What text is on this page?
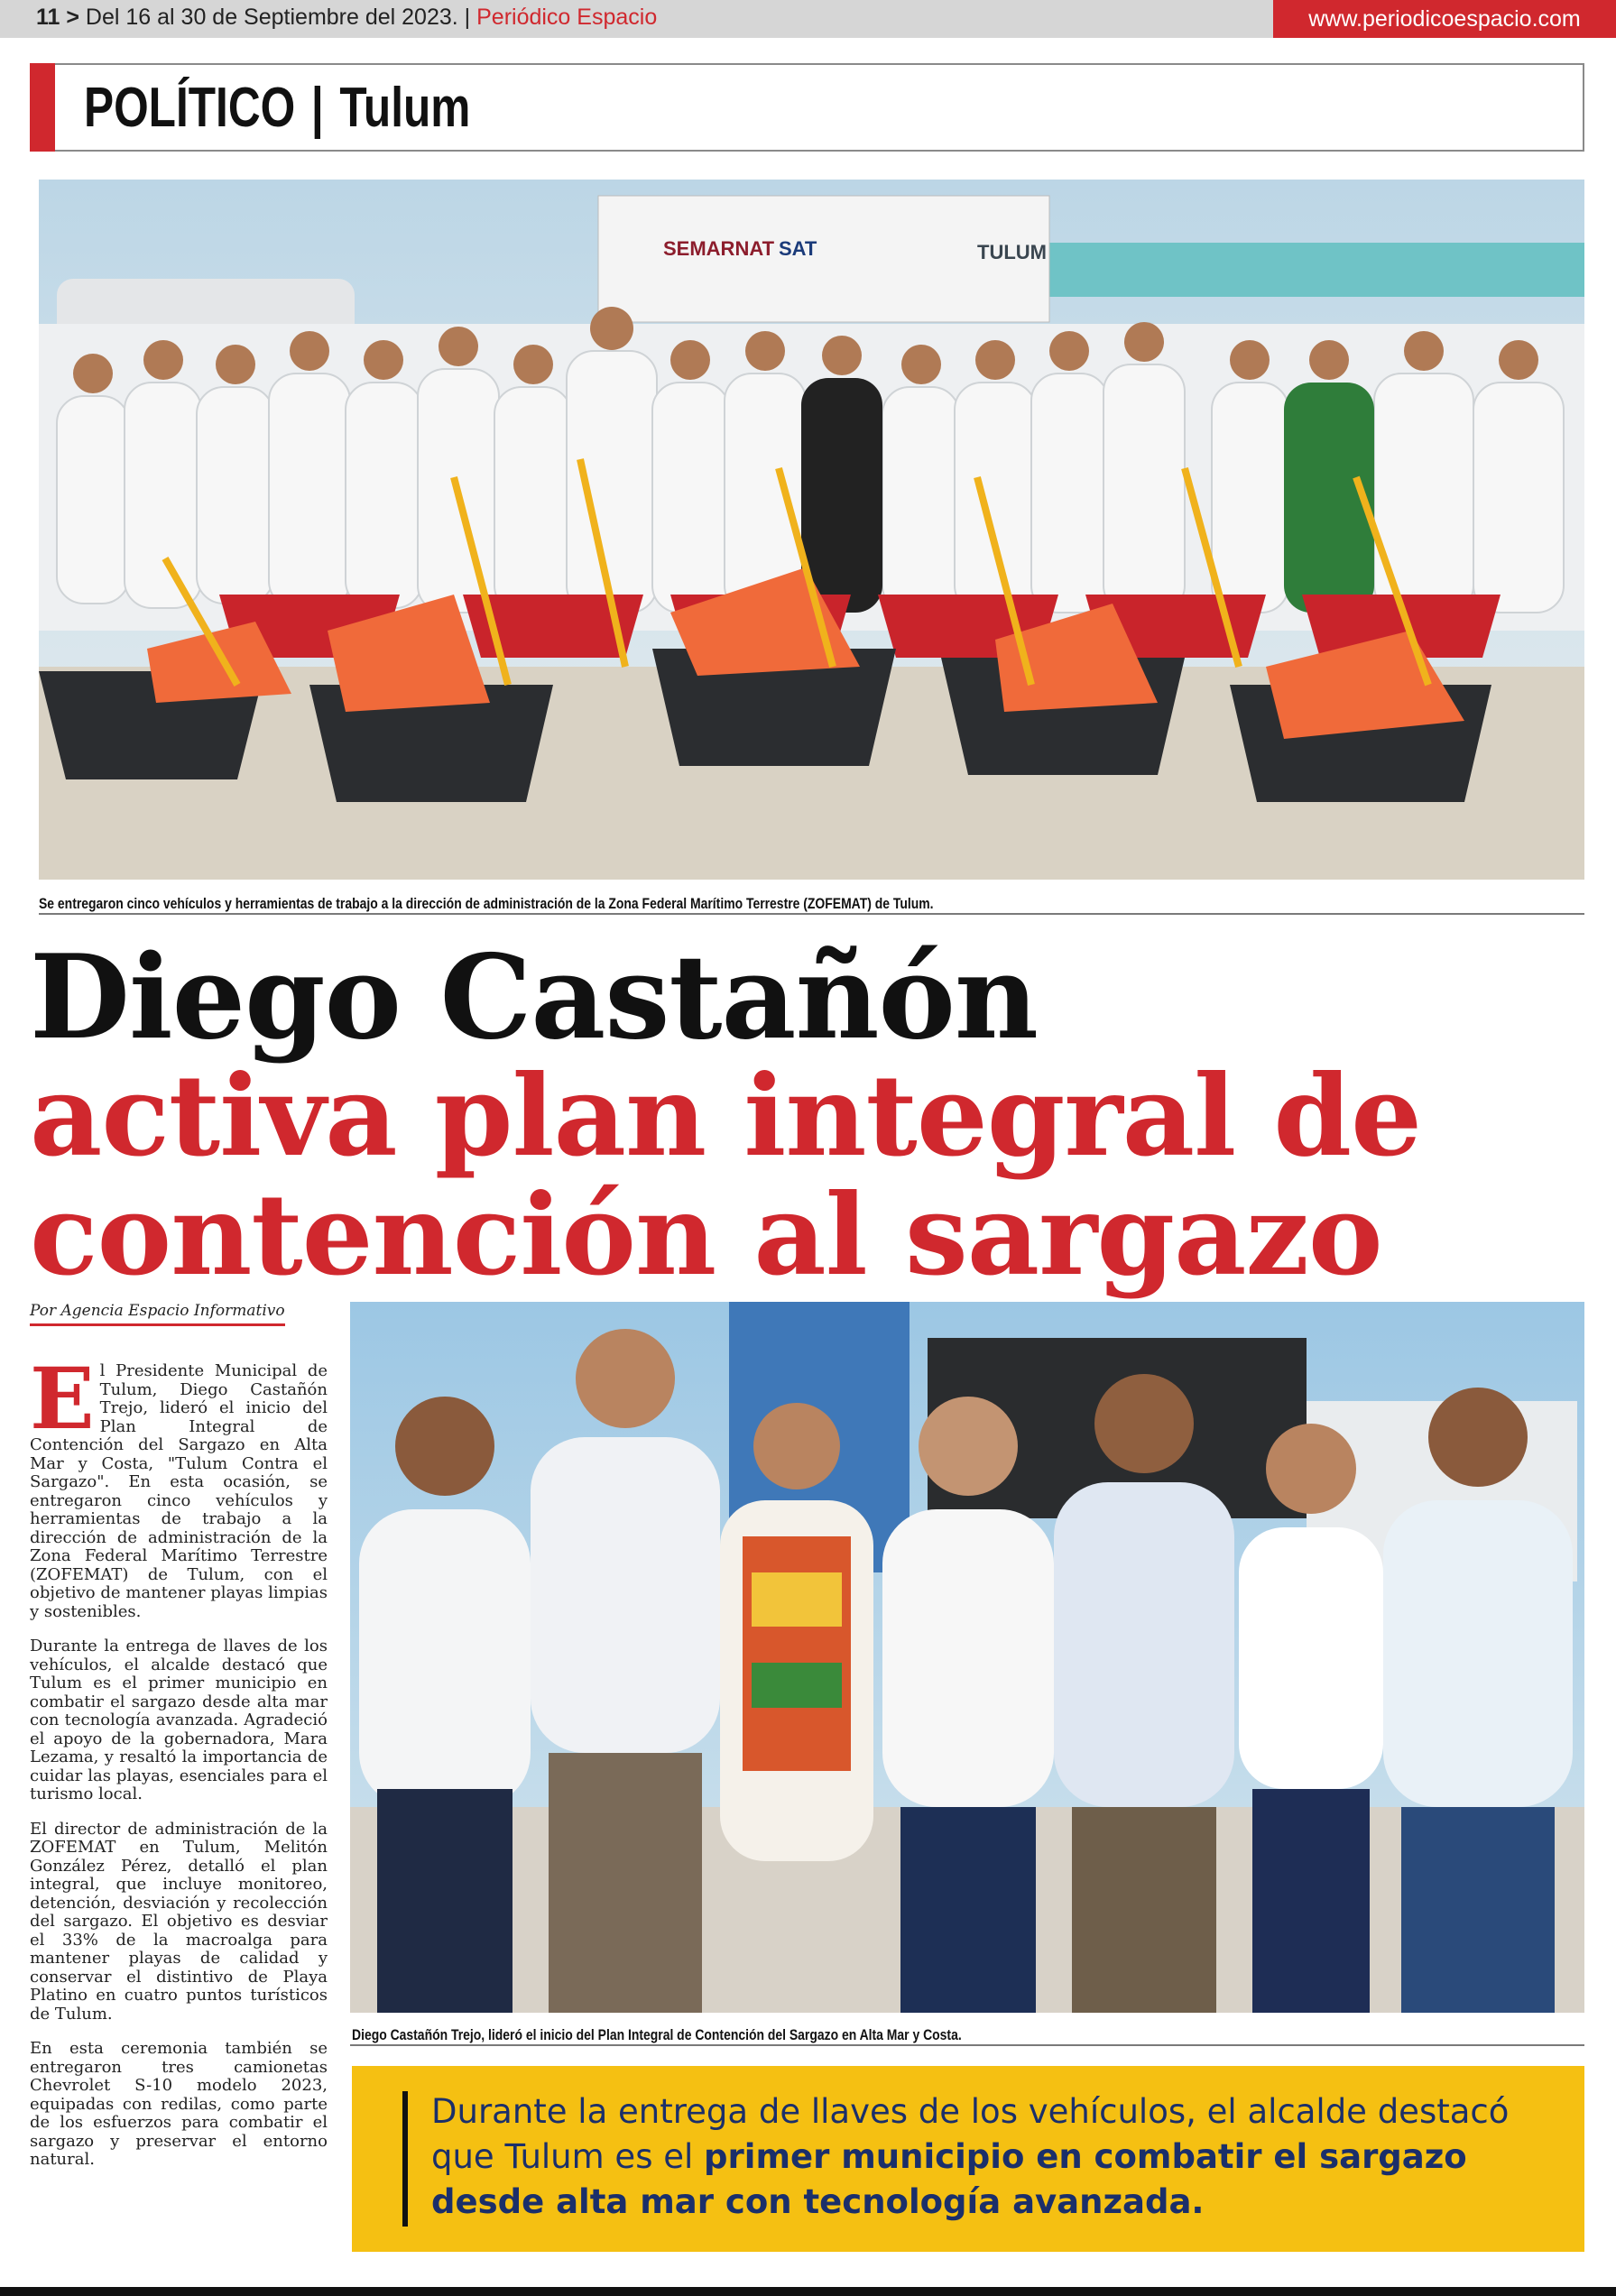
11 > Del 16 al 30 de Septiembre del 2023. | Periódico Espacio	www.periodicoespacio.com
POLÍTICO | Tulum
SEMARNAT SAT	TULUM
Se entregaron cinco vehículos y herramientas de trabajo a la dirección de administración de la Zona Federal Marítimo Terrestre (ZOFEMAT) de Tulum.
Diego Castañón
activa plan integral de
contención al sargazo
Por Agencia Espacio Informativo

El Presidente Municipal de Tulum, Diego Castañón Trejo, lideró el inicio del Plan Integral de Contención del Sargazo en Alta Mar y Costa, "Tulum Contra el Sargazo". En esta ocasión, se entregaron cinco vehículos y herramientas de trabajo a la dirección de administración de la Zona Federal Marítimo Terrestre (ZOFEMAT) de Tulum, con el objetivo de mantener playas limpias y sostenibles.

Durante la entrega de llaves de los vehículos, el alcalde destacó que Tulum es el primer municipio en combatir el sargazo desde alta mar con tecnología avanzada. Agradeció el apoyo de la gobernadora, Mara Lezama, y resaltó la importancia de cuidar las playas, esenciales para el turismo local.

El director de administración de la ZOFEMAT en Tulum, Melitón González Pérez, detalló el plan integral, que incluye monitoreo, detención, desviación y recolección del sargazo. El objetivo es desviar el 33% de la macroalga para mantener playas de calidad y conservar el distintivo de Playa Platino en cuatro puntos turísticos de Tulum.

En esta ceremonia también se entregaron tres camionetas Chevrolet S-10 modelo 2023, equipadas con redilas, como parte de los esfuerzos para combatir el sargazo y preservar el entorno natural.

Diego Castañón Trejo, lideró el inicio del Plan Integral de Contención del Sargazo en Alta Mar y Costa.
Durante la entrega de llaves de los vehículos, el alcalde destacó que Tulum es el primer municipio en combatir el sargazo desde alta mar con tecnología avanzada.
